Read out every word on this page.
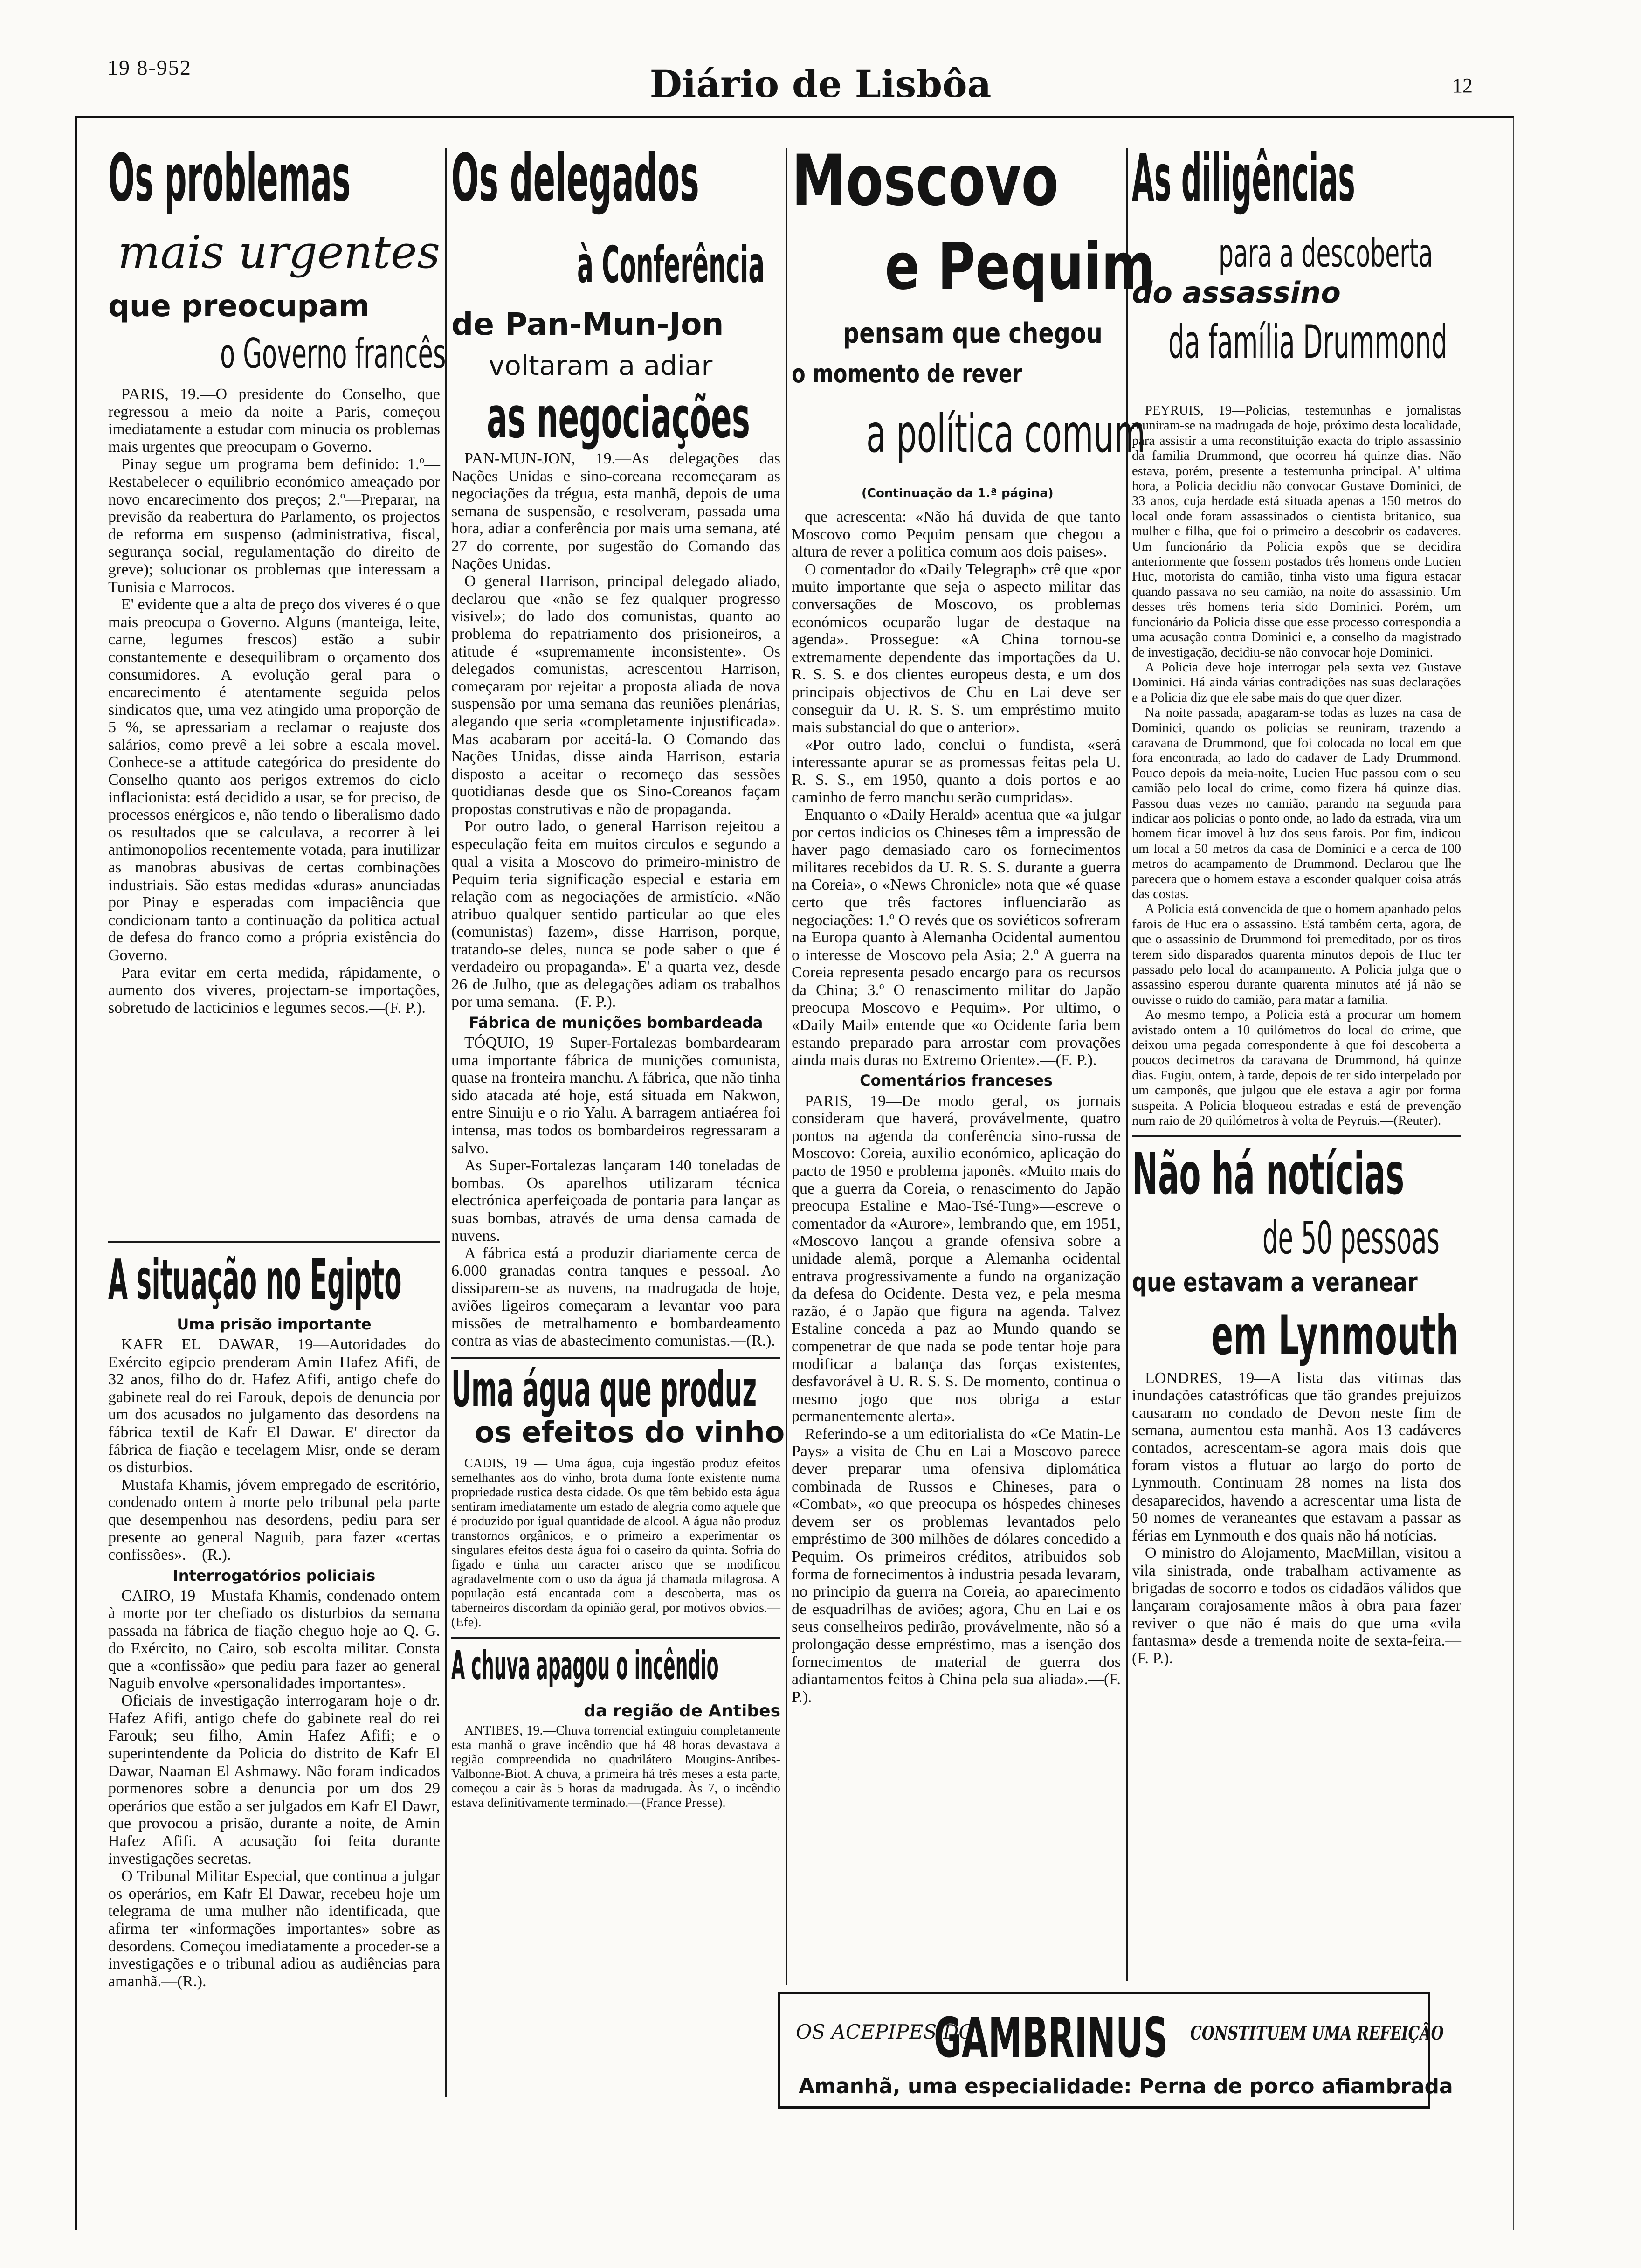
19 8-952	Diário de Lisbôa	12
Os problemas
mais urgentes
que preocupam
o Governo francês

PARIS, 19.—O presidente do Conselho, que regressou a meio da noite a Paris, começou imediatamente a estudar com minucia os problemas mais urgentes que preocupam o Governo.

Pinay segue um programa bem definido: 1.º—Restabelecer o equilibrio económico ameaçado por novo encarecimento dos preços; 2.º—Preparar, na previsão da reabertura do Parlamento, os projectos de reforma em suspenso (administrativa, fiscal, segurança social, regulamentação do direito de greve); solucionar os problemas que interessam a Tunisia e Marrocos.

E' evidente que a alta de preço dos viveres é o que mais preocupa o Governo. Alguns (manteiga, leite, carne, legumes frescos) estão a subir constantemente e desequilibram o orçamento dos consumidores. A evolução geral para o encarecimento é atentamente seguida pelos sindicatos que, uma vez atingido uma proporção de 5 %, se apressariam a reclamar o reajuste dos salários, como prevê a lei sobre a escala movel. Conhece-se a attitude categórica do presidente do Conselho quanto aos perigos extremos do ciclo inflacionista: está decidido a usar, se for preciso, de processos enérgicos e, não tendo o liberalismo dado os resultados que se calculava, a recorrer à lei antimonopolios recentemente votada, para inutilizar as manobras abusivas de certas combinações industriais. São estas medidas «duras» anunciadas por Pinay e esperadas com impaciência que condicionam tanto a continuação da politica actual de defesa do franco como a própria existência do Governo.

Para evitar em certa medida, rápidamente, o aumento dos viveres, projectam-se importações, sobretudo de lacticinios e legumes secos.—(F. P.).

A situação no Egipto
Uma prisão importante

KAFR EL DAWAR, 19—Autoridades do Exército egipcio prenderam Amin Hafez Afifi, de 32 anos, filho do dr. Hafez Afifi, antigo chefe do gabinete real do rei Farouk, depois de denuncia por um dos acusados no julgamento das desordens na fábrica textil de Kafr El Dawar. E' director da fábrica de fiação e tecelagem Misr, onde se deram os disturbios.

Mustafa Khamis, jóvem empregado de escritório, condenado ontem à morte pelo tribunal pela parte que desempenhou nas desordens, pediu para ser presente ao general Naguib, para fazer «certas confissões».—(R.).

Interrogatórios policiais

CAIRO, 19—Mustafa Khamis, condenado ontem à morte por ter chefiado os disturbios da semana passada na fábrica de fiação cheguo hoje ao Q. G. do Exército, no Cairo, sob escolta militar. Consta que a «confissão» que pediu para fazer ao general Naguib envolve «personalidades importantes».

Oficiais de investigação interrogaram hoje o dr. Hafez Afifi, antigo chefe do gabinete real do rei Farouk; seu filho, Amin Hafez Afifi; e o superintendente da Policia do distrito de Kafr El Dawar, Naaman El Ashmawy. Não foram indicados pormenores sobre a denuncia por um dos 29 operários que estão a ser julgados em Kafr El Dawr, que provocou a prisão, durante a noite, de Amin Hafez Afifi. A acusação foi feita durante investigações secretas.

O Tribunal Militar Especial, que continua a julgar os operários, em Kafr El Dawar, recebeu hoje um telegrama de uma mulher não identificada, que afirma ter «informações importantes» sobre as desordens. Começou imediatamente a proceder-se a investigações e o tribunal adiou as audiências para amanhã.—(R.).

Os delegados
à Conferência
de Pan-Mun-Jon
voltaram a adiar
as negociações

PAN-MUN-JON, 19.—As delegações das Nações Unidas e sino-coreana recomeçaram as negociações da trégua, esta manhã, depois de uma semana de suspensão, e resolveram, passada uma hora, adiar a conferência por mais uma semana, até 27 do corrente, por sugestão do Comando das Nações Unidas.

O general Harrison, principal delegado aliado, declarou que «não se fez qualquer progresso visivel»; do lado dos comunistas, quanto ao problema do repatriamento dos prisioneiros, a atitude é «supremamente inconsistente». Os delegados comunistas, acrescentou Harrison, começaram por rejeitar a proposta aliada de nova suspensão por uma semana das reuniões plenárias, alegando que seria «completamente injustificada». Mas acabaram por aceitá-la. O Comando das Nações Unidas, disse ainda Harrison, estaria disposto a aceitar o recomeço das sessões quotidianas desde que os Sino-Coreanos façam propostas construtivas e não de propaganda.

Por outro lado, o general Harrison rejeitou a especulação feita em muitos circulos e segundo a qual a visita a Moscovo do primeiro-ministro de Pequim teria significação especial e estaria em relação com as negociações de armistício. «Não atribuo qualquer sentido particular ao que eles (comunistas) fazem», disse Harrison, porque, tratando-se deles, nunca se pode saber o que é verdadeiro ou propaganda». E' a quarta vez, desde 26 de Julho, que as delegações adiam os trabalhos por uma semana.—(F. P.).

Fábrica de munições bombardeada

TÓQUIO, 19—Super-Fortalezas bombardearam uma importante fábrica de munições comunista, quase na fronteira manchu. A fábrica, que não tinha sido atacada até hoje, está situada em Nakwon, entre Sinuiju e o rio Yalu. A barragem antiaérea foi intensa, mas todos os bombardeiros regressaram a salvo.

As Super-Fortalezas lançaram 140 toneladas de bombas. Os aparelhos utilizaram técnica electrónica aperfeiçoada de pontaria para lançar as suas bombas, através de uma densa camada de nuvens.

A fábrica está a produzir diariamente cerca de 6.000 granadas contra tanques e pessoal. Ao dissiparem-se as nuvens, na madrugada de hoje, aviões ligeiros começaram a levantar voo para missões de metralhamento e bombardeamento contra as vias de abastecimento comunistas.—(R.).

Uma água que produz
os efeitos do vinho

CADIS, 19 — Uma água, cuja ingestão produz efeitos semelhantes aos do vinho, brota duma fonte existente numa propriedade rustica desta cidade. Os que têm bebido esta água sentiram imediatamente um estado de alegria como aquele que é produzido por igual quantidade de alcool. A água não produz transtornos orgânicos, e o primeiro a experimentar os singulares efeitos desta água foi o caseiro da quinta. Sofria do figado e tinha um caracter arisco que se modificou agradavelmente com o uso da água já chamada milagrosa. A população está encantada com a descoberta, mas os taberneiros discordam da opinião geral, por motivos obvios.—(Efe).

A chuva apagou o incêndio
da região de Antibes

ANTIBES, 19.—Chuva torrencial extinguiu completamente esta manhã o grave incêndio que há 48 horas devastava a região compreendida no quadrilátero Mougins-Antibes-Valbonne-Biot. A chuva, a primeira há três meses a esta parte, começou a cair às 5 horas da madrugada. Às 7, o incêndio estava definitivamente terminado.—(France Presse).

Moscovo
e Pequim
pensam que chegou
o momento de rever
a política comum
(Continuação da 1.ª página)

que acrescenta: «Não há duvida de que tanto Moscovo como Pequim pensam que chegou a altura de rever a politica comum aos dois paises».

O comentador do «Daily Telegraph» crê que «por muito importante que seja o aspecto militar das conversações de Moscovo, os problemas económicos ocuparão lugar de destaque na agenda». Prossegue: «A China tornou-se extremamente dependente das importações da U. R. S. S. e dos clientes europeus desta, e um dos principais objectivos de Chu en Lai deve ser conseguir da U. R. S. S. um empréstimo muito mais substancial do que o anterior».

«Por outro lado, conclui o fundista, «será interessante apurar se as promessas feitas pela U. R. S. S., em 1950, quanto a dois portos e ao caminho de ferro manchu serão cumpridas».

Enquanto o «Daily Herald» acentua que «a julgar por certos indicios os Chineses têm a impressão de haver pago demasiado caro os fornecimentos militares recebidos da U. R. S. S. durante a guerra na Coreia», o «News Chronicle» nota que «é quase certo que três factores influenciarão as negociações: 1.º O revés que os soviéticos sofreram na Europa quanto à Alemanha Ocidental aumentou o interesse de Moscovo pela Asia; 2.º A guerra na Coreia representa pesado encargo para os recursos da China; 3.º O renascimento militar do Japão preocupa Moscovo e Pequim». Por ultimo, o «Daily Mail» entende que «o Ocidente faria bem estando preparado para arrostar com provações ainda mais duras no Extremo Oriente».—(F. P.).

Comentários franceses

PARIS, 19—De modo geral, os jornais consideram que haverá, provávelmente, quatro pontos na agenda da conferência sino-russa de Moscovo: Coreia, auxilio económico, aplicação do pacto de 1950 e problema japonês. «Muito mais do que a guerra da Coreia, o renascimento do Japão preocupa Estaline e Mao-Tsé-Tung»—escreve o comentador da «Aurore», lembrando que, em 1951, «Moscovo lançou a grande ofensiva sobre a unidade alemã, porque a Alemanha ocidental entrava progressivamente a fundo na organização da defesa do Ocidente. Desta vez, e pela mesma razão, é o Japão que figura na agenda. Talvez Estaline conceda a paz ao Mundo quando se compenetrar de que nada se pode tentar hoje para modificar a balança das forças existentes, desfavorável à U. R. S. S. De momento, continua o mesmo jogo que nos obriga a estar permanentemente alerta».

Referindo-se a um editorialista do «Ce Matin-Le Pays» a visita de Chu en Lai a Moscovo parece dever preparar uma ofensiva diplomática combinada de Russos e Chineses, para o «Combat», «o que preocupa os hóspedes chineses devem ser os problemas levantados pelo empréstimo de 300 milhões de dólares concedido a Pequim. Os primeiros créditos, atribuidos sob forma de fornecimentos à industria pesada levaram, no principio da guerra na Coreia, ao aparecimento de esquadrilhas de aviões; agora, Chu en Lai e os seus conselheiros pedirão, provávelmente, não só a prolongação desse empréstimo, mas a isenção dos fornecimentos de material de guerra dos adiantamentos feitos à China pela sua aliada».—(F. P.).

As diligências
para a descoberta
do assassino
da família Drummond

PEYRUIS, 19—Policias, testemunhas e jornalistas reuniram-se na madrugada de hoje, próximo desta localidade, para assistir a uma reconstituição exacta do triplo assassinio da familia Drummond, que ocorreu há quinze dias. Não estava, porém, presente a testemunha principal. A' ultima hora, a Policia decidiu não convocar Gustave Dominici, de 33 anos, cuja herdade está situada apenas a 150 metros do local onde foram assassinados o cientista britanico, sua mulher e filha, que foi o primeiro a descobrir os cadaveres. Um funcionário da Policia expôs que se decidira anteriormente que fossem postados três homens onde Lucien Huc, motorista do camião, tinha visto uma figura estacar quando passava no seu camião, na noite do assassinio. Um desses três homens teria sido Dominici. Porém, um funcionário da Policia disse que esse processo correspondia a uma acusação contra Dominici e, a conselho da magistrado de investigação, decidiu-se não convocar hoje Dominici.

A Policia deve hoje interrogar pela sexta vez Gustave Dominici. Há ainda várias contradições nas suas declarações e a Policia diz que ele sabe mais do que quer dizer.

Na noite passada, apagaram-se todas as luzes na casa de Dominici, quando os policias se reuniram, trazendo a caravana de Drummond, que foi colocada no local em que fora encontrada, ao lado do cadaver de Lady Drummond. Pouco depois da meia-noite, Lucien Huc passou com o seu camião pelo local do crime, como fizera há quinze dias. Passou duas vezes no camião, parando na segunda para indicar aos policias o ponto onde, ao lado da estrada, vira um homem ficar imovel à luz dos seus farois. Por fim, indicou um local a 50 metros da casa de Dominici e a cerca de 100 metros do acampamento de Drummond. Declarou que lhe parecera que o homem estava a esconder qualquer coisa atrás das costas.

A Policia está convencida de que o homem apanhado pelos farois de Huc era o assassino. Está também certa, agora, de que o assassinio de Drummond foi premeditado, por os tiros terem sido disparados quarenta minutos depois de Huc ter passado pelo local do acampamento. A Policia julga que o assassino esperou durante quarenta minutos até já não se ouvisse o ruido do camião, para matar a familia.

Ao mesmo tempo, a Policia está a procurar um homem avistado ontem a 10 quilómetros do local do crime, que deixou uma pegada correspondente à que foi descoberta a poucos decimetros da caravana de Drummond, há quinze dias. Fugiu, ontem, à tarde, depois de ter sido interpelado por um camponês, que julgou que ele estava a agir por forma suspeita. A Policia bloqueou estradas e está de prevenção num raio de 20 quilómetros à volta de Peyruis.—(Reuter).

Não há notícias
de 50 pessoas
que estavam a veranear
em Lynmouth

LONDRES, 19—A lista das vitimas das inundações catastróficas que tão grandes prejuizos causaram no condado de Devon neste fim de semana, aumentou esta manhã. Aos 13 cadáveres contados, acrescentam-se agora mais dois que foram vistos a flutuar ao largo do porto de Lynmouth. Continuam 28 nomes na lista dos desaparecidos, havendo a acrescentar uma lista de 50 nomes de veraneantes que estavam a passar as férias em Lynmouth e dos quais não há notícias.

O ministro do Alojamento, MacMillan, visitou a vila sinistrada, onde trabalham activamente as brigadas de socorro e todos os cidadãos válidos que lançaram corajosamente mãos à obra para fazer reviver o que não é mais do que uma «vila fantasma» desde a tremenda noite de sexta-feira.—(F. P.).

OS ACEPIPES DO
GAMBRINUS CONSTITUEM UMA REFEIÇÃO
Amanhã, uma especialidade: Perna de porco afiambrada
